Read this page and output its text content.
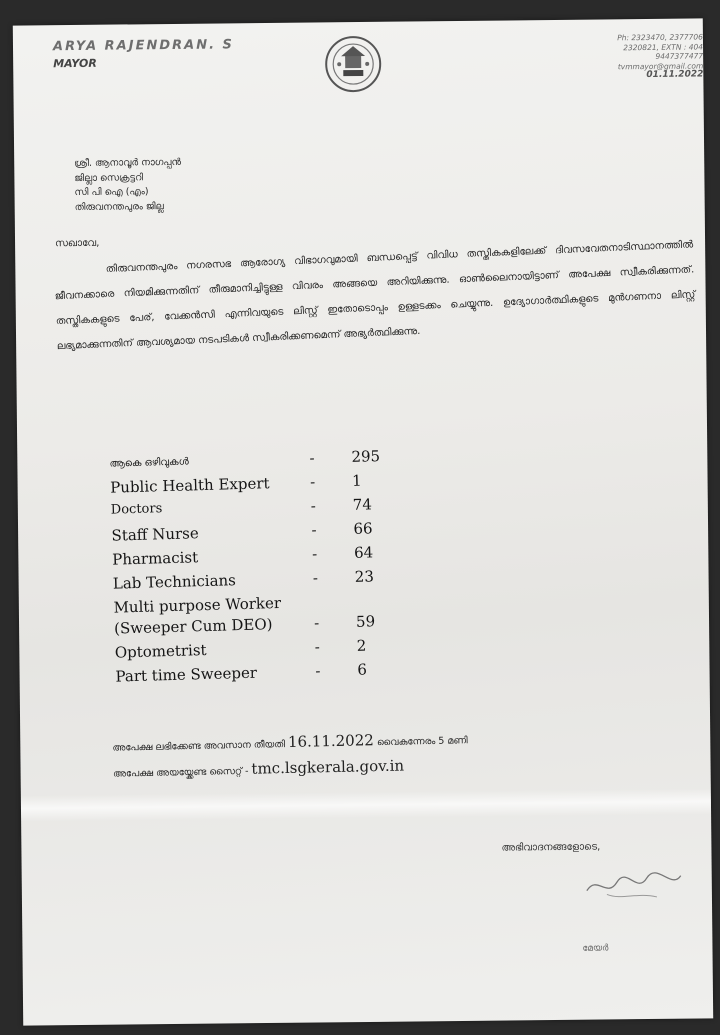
ARYA RAJENDRAN. S
MAYOR
Ph: 2323470, 2377706
2320821, EXTN : 404
9447377477
tvmmayor@gmail.com
01.11.2022
ശ്രീ. ആനാവൂർ നാഗപ്പൻ
ജില്ലാ സെക്രട്ടറി
സി പി ഐ (എം)
തിരുവനന്തപുരം ജില്ല
സഖാവേ, തിരുവനന്തപുരം നഗരസഭ ആരോഗ്യ വിഭാഗവുമായി ബന്ധപ്പെട്ട് വിവിധ തസ്തികകളിലേക്ക് ദിവസവേതനാടിസ്ഥാനത്തിൽ ജീവനക്കാരെ നിയമിക്കുന്നതിന് തീരുമാനിച്ചിട്ടുള്ള വിവരം അങ്ങയെ അറിയിക്കുന്നു. ഓൺലൈനായിട്ടാണ് അപേക്ഷ സ്വീകരിക്കുന്നത്. തസ്തികകളുടെ പേര്, വേക്കൻസി എന്നിവയുടെ ലിസ്റ്റ് ഇതോടൊപ്പം ഉള്ളടക്കം ചെയ്യുന്നു. ഉദ്യോഗാർത്ഥികളുടെ മുൻഗണനാ ലിസ്റ്റ് ലഭ്യമാക്കുന്നതിന് ആവശ്യമായ നടപടികൾ സ്വീകരിക്കണമെന്ന് അഭ്യർത്ഥിക്കുന്നു.
ആകെ ഒഴിവുകൾ	- 295
Public Health Expert	- 1
Doctors	- 74
Staff Nurse	- 66
Pharmacist	- 64
Lab Technicians	- 23
Multi purpose Worker
(Sweeper Cum DEO)	- 59
Optometrist	- 2
Part time Sweeper	- 6
അപേക്ഷ ലഭിക്കേണ്ട അവസാന തീയതി 16.11.2022 വൈകുന്നേരം 5 മണി
അപേക്ഷ അയയ്ക്കേണ്ട സൈറ്റ് - tmc.lsgkerala.gov.in
അഭിവാദനങ്ങളോടെ,
മേയർ
